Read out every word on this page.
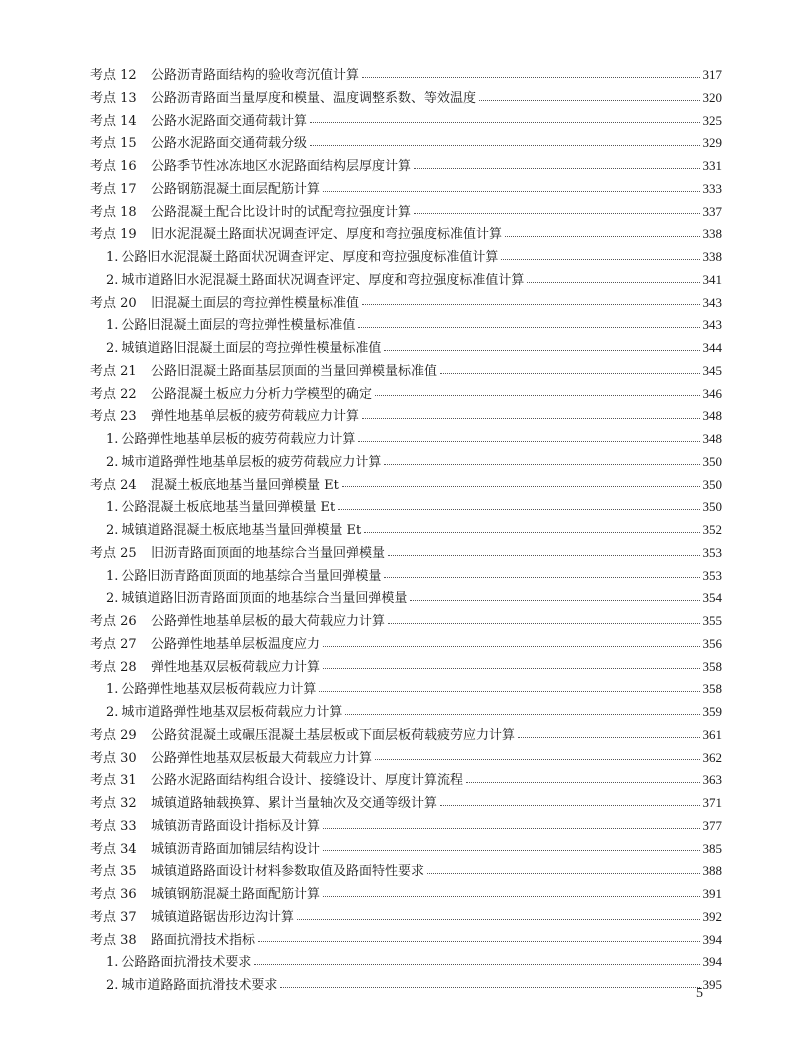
考点 12 公路沥青路面结构的验收弯沉值计算	317
考点 13 公路沥青路面当量厚度和模量、温度调整系数、等效温度	320
考点 14 公路水泥路面交通荷载计算	325
考点 15 公路水泥路面交通荷载分级	329
考点 16 公路季节性冰冻地区水泥路面结构层厚度计算	331
考点 17 公路钢筋混凝土面层配筋计算	333
考点 18 公路混凝土配合比设计时的试配弯拉强度计算	337
考点 19 旧水泥混凝土路面状况调查评定、厚度和弯拉强度标准值计算	338
1. 公路旧水泥混凝土路面状况调查评定、厚度和弯拉强度标准值计算	338
2. 城市道路旧水泥混凝土路面状况调查评定、厚度和弯拉强度标准值计算	341
考点 20 旧混凝土面层的弯拉弹性模量标准值	343
1. 公路旧混凝土面层的弯拉弹性模量标准值	343
2. 城镇道路旧混凝土面层的弯拉弹性模量标准值	344
考点 21 公路旧混凝土路面基层顶面的当量回弹模量标准值	345
考点 22 公路混凝土板应力分析力学模型的确定	346
考点 23 弹性地基单层板的疲劳荷载应力计算	348
1. 公路弹性地基单层板的疲劳荷载应力计算	348
2. 城市道路弹性地基单层板的疲劳荷载应力计算	350
考点 24 混凝土板底地基当量回弹模量 Et	350
1. 公路混凝土板底地基当量回弹模量 Et	350
2. 城镇道路混凝土板底地基当量回弹模量 Et	352
考点 25 旧沥青路面顶面的地基综合当量回弹模量	353
1. 公路旧沥青路面顶面的地基综合当量回弹模量	353
2. 城镇道路旧沥青路面顶面的地基综合当量回弹模量	354
考点 26 公路弹性地基单层板的最大荷载应力计算	355
考点 27 公路弹性地基单层板温度应力	356
考点 28 弹性地基双层板荷载应力计算	358
1. 公路弹性地基双层板荷载应力计算	358
2. 城市道路弹性地基双层板荷载应力计算	359
考点 29 公路贫混凝土或碾压混凝土基层板或下面层板荷载疲劳应力计算	361
考点 30 公路弹性地基双层板最大荷载应力计算	362
考点 31 公路水泥路面结构组合设计、接缝设计、厚度计算流程	363
考点 32 城镇道路轴载换算、累计当量轴次及交通等级计算	371
考点 33 城镇沥青路面设计指标及计算	377
考点 34 城镇沥青路面加铺层结构设计	385
考点 35 城镇道路路面设计材料参数取值及路面特性要求	388
考点 36 城镇钢筋混凝土路面配筋计算	391
考点 37 城镇道路锯齿形边沟计算	392
考点 38 路面抗滑技术指标	394
1. 公路路面抗滑技术要求	394
2. 城市道路路面抗滑技术要求	395
5
